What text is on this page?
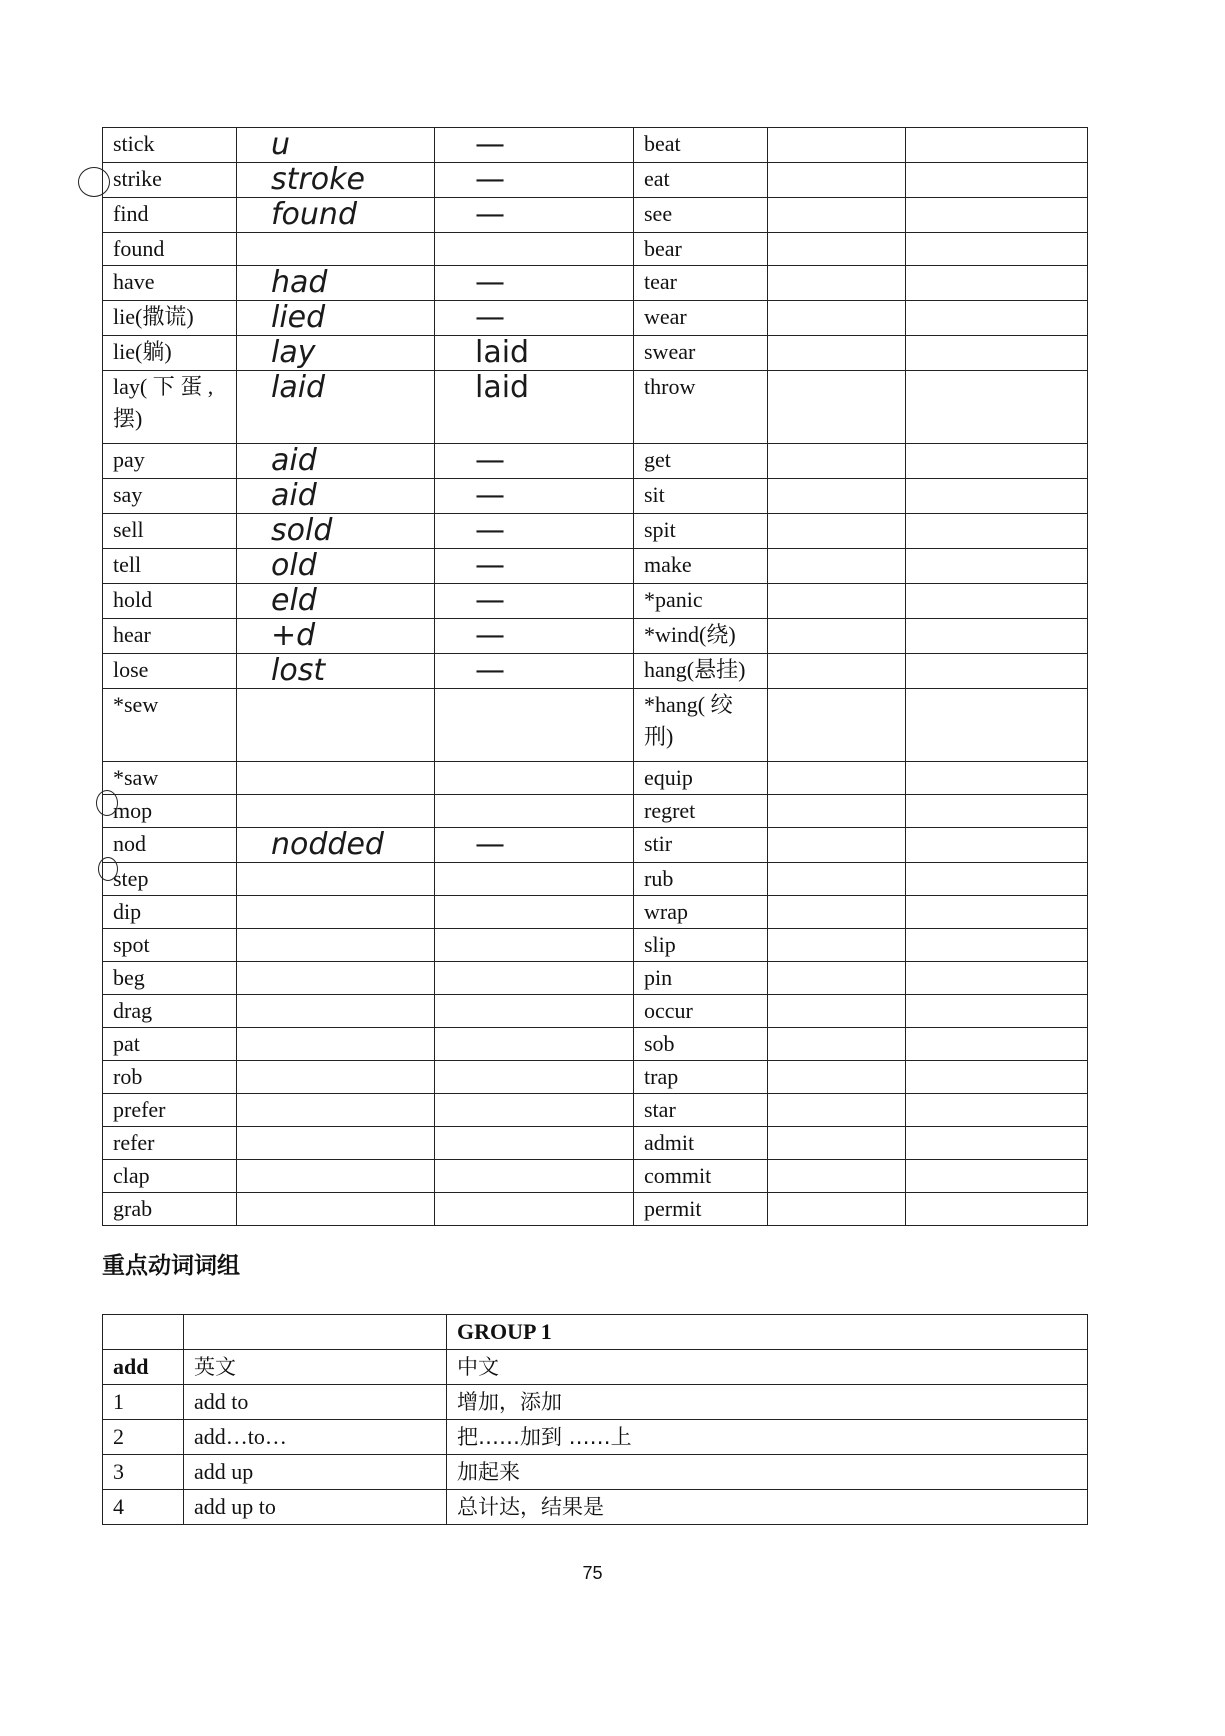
stick	u	—	beat		
strike	stroke	—	eat		
find	found	—	see		
found			bear		
have	had	—	tear		
lie(撒谎)	lied	—	wear		
lie(躺)	lay	laid	swear		
lay( 下 蛋 , 摆)	laid	laid	throw		
pay	aid	—	get		
say	aid	—	sit		
sell	sold	—	spit		
tell	old	—	make		
hold	eld	—	*panic		
hear	+d	—	*wind(绕)		
lose	lost	—	hang(悬挂)		
*sew			*hang( 绞 刑)		
*saw			equip		
mop			regret		
nod	nodded	—	stir		
step			rub		
dip			wrap		
spot			slip		
beg			pin		
drag			occur		
pat			sob		
rob			trap		
prefer			star		
refer			admit		
clap			commit		
grab			permit		
重点动词词组
		GROUP 1
add	英文	中文
1	add to	增加，添加
2	add…to…	把……加到 ……上
3	add up	加起来
4	add up to	总计达，结果是
75
